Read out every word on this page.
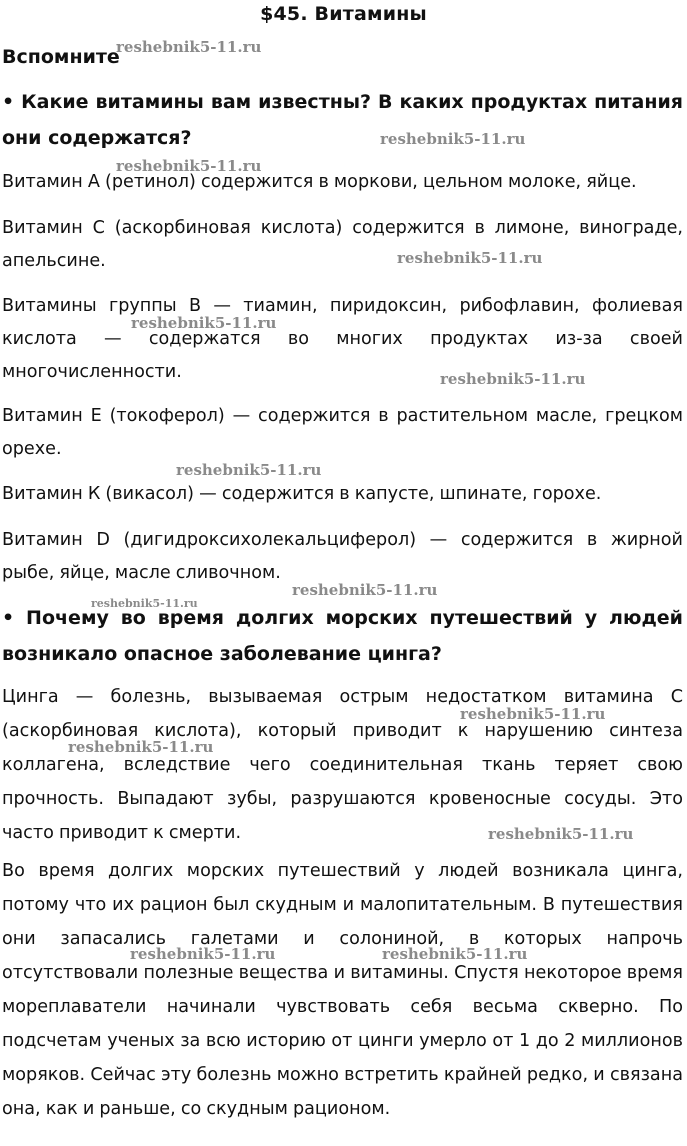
$45. Витамины
Вспомните
• Какие витамины вам известны? В каких продуктах питания они содержатся?
Витамин А (ретинол) содержится в моркови, цельном молоке, яйце.
Витамин С (аскорбиновая кислота) содержится в лимоне, винограде, апельсине.
Витамины группы В — тиамин, пиридоксин, рибофлавин, фолиевая кислота — содержатся во многих продуктах из-за своей многочисленности.
Витамин Е (токоферол) — содержится в растительном масле, грецком орехе.
Витамин К (викасол) — содержится в капусте, шпинате, горохе.
Витамин D (дигидроксихолекальциферол) — содержится в жирной рыбе, яйце, масле сливочном.
• Почему во время долгих морских путешествий у людей возникало опасное заболевание цинга?
Цинга — болезнь, вызываемая острым недостатком витамина С (аскорбиновая кислота), который приводит к нарушению синтеза коллагена, вследствие чего соединительная ткань теряет свою прочность. Выпадают зубы, разрушаются кровеносные сосуды. Это часто приводит к смерти.
Во время долгих морских путешествий у людей возникала цинга, потому что их рацион был скудным и малопитательным. В путешествия они запасались галетами и солониной, в которых напрочь отсутствовали полезные вещества и витамины. Спустя некоторое время мореплаватели начинали чувствовать себя весьма скверно. По подсчетам ученых за всю историю от цинги умерло от 1 до 2 миллионов моряков. Сейчас эту болезнь можно встретить крайней редко, и связана она, как и раньше, со скудным рационом.
reshebnik5-11.ru
reshebnik5-11.ru
reshebnik5-11.ru
reshebnik5-11.ru
reshebnik5-11.ru
reshebnik5-11.ru
reshebnik5-11.ru
reshebnik5-11.ru
reshebnik5-11.ru
reshebnik5-11.ru
reshebnik5-11.ru
reshebnik5-11.ru
reshebnik5-11.ru	reshebnik5-11.ru
